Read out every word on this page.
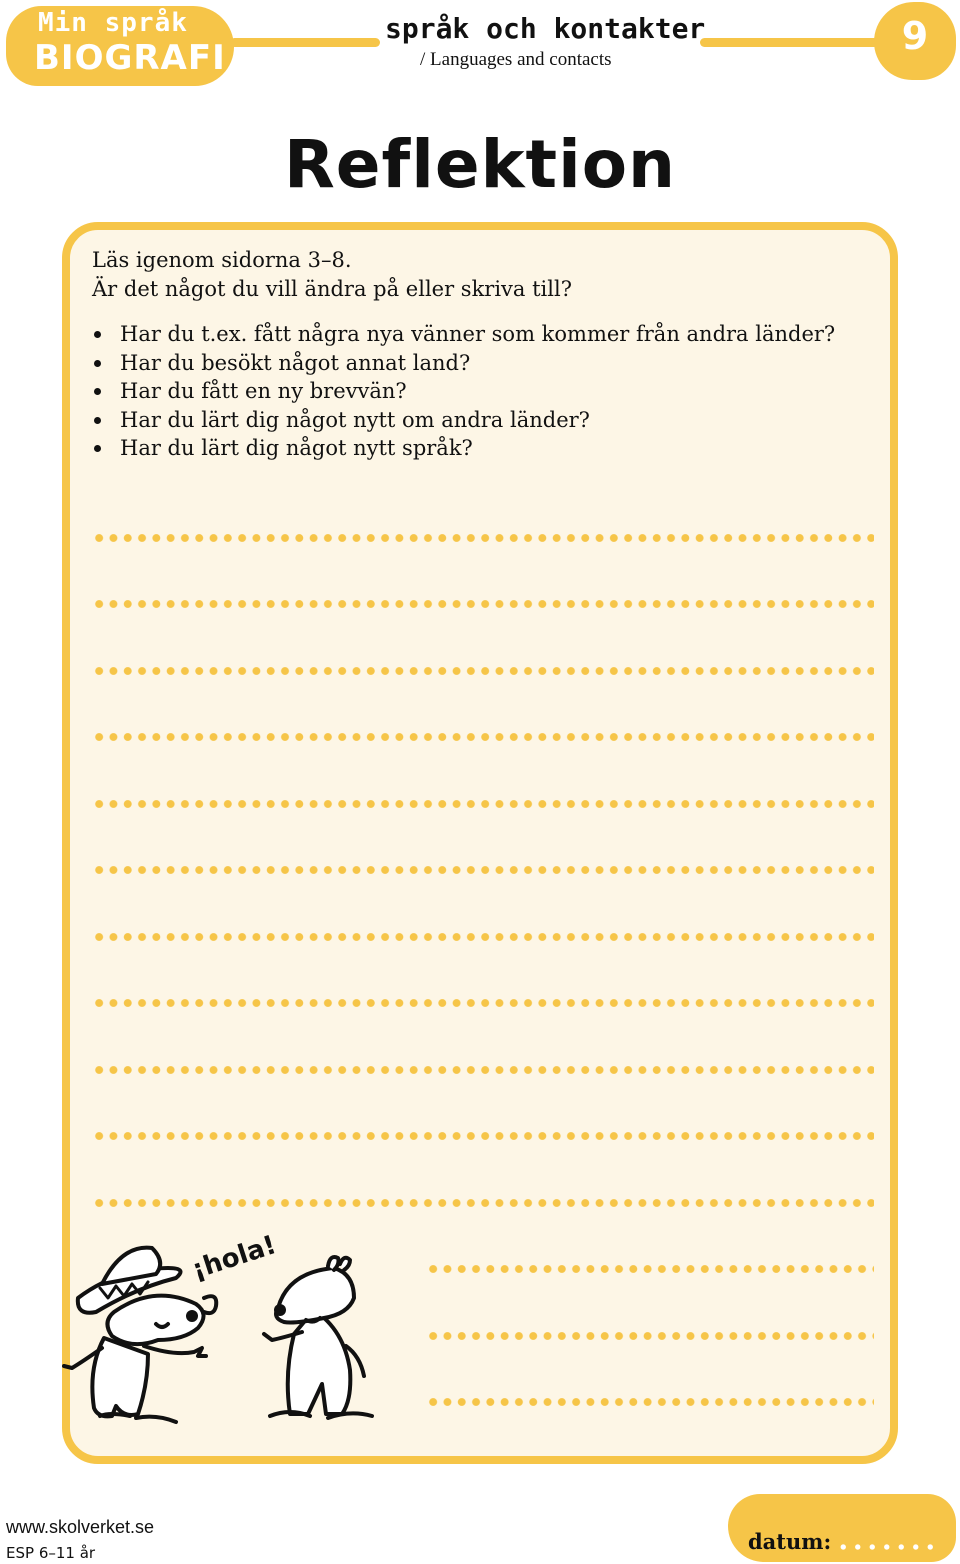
Min språk
BIOGRAFI
språk och kontakter
/ Languages and contacts
9
Reflektion
Läs igenom sidorna 3–8.
Är det något du vill ändra på eller skriva till?
Har du t.ex. fått några nya vänner som kommer från andra länder?
Har du besökt något annat land?
Har du fått en ny brevvän?
Har du lärt dig något nytt om andra länder?
Har du lärt dig något nytt språk?
¡hola!
www.skolverket.se
ESP 6–11 år	datum:
